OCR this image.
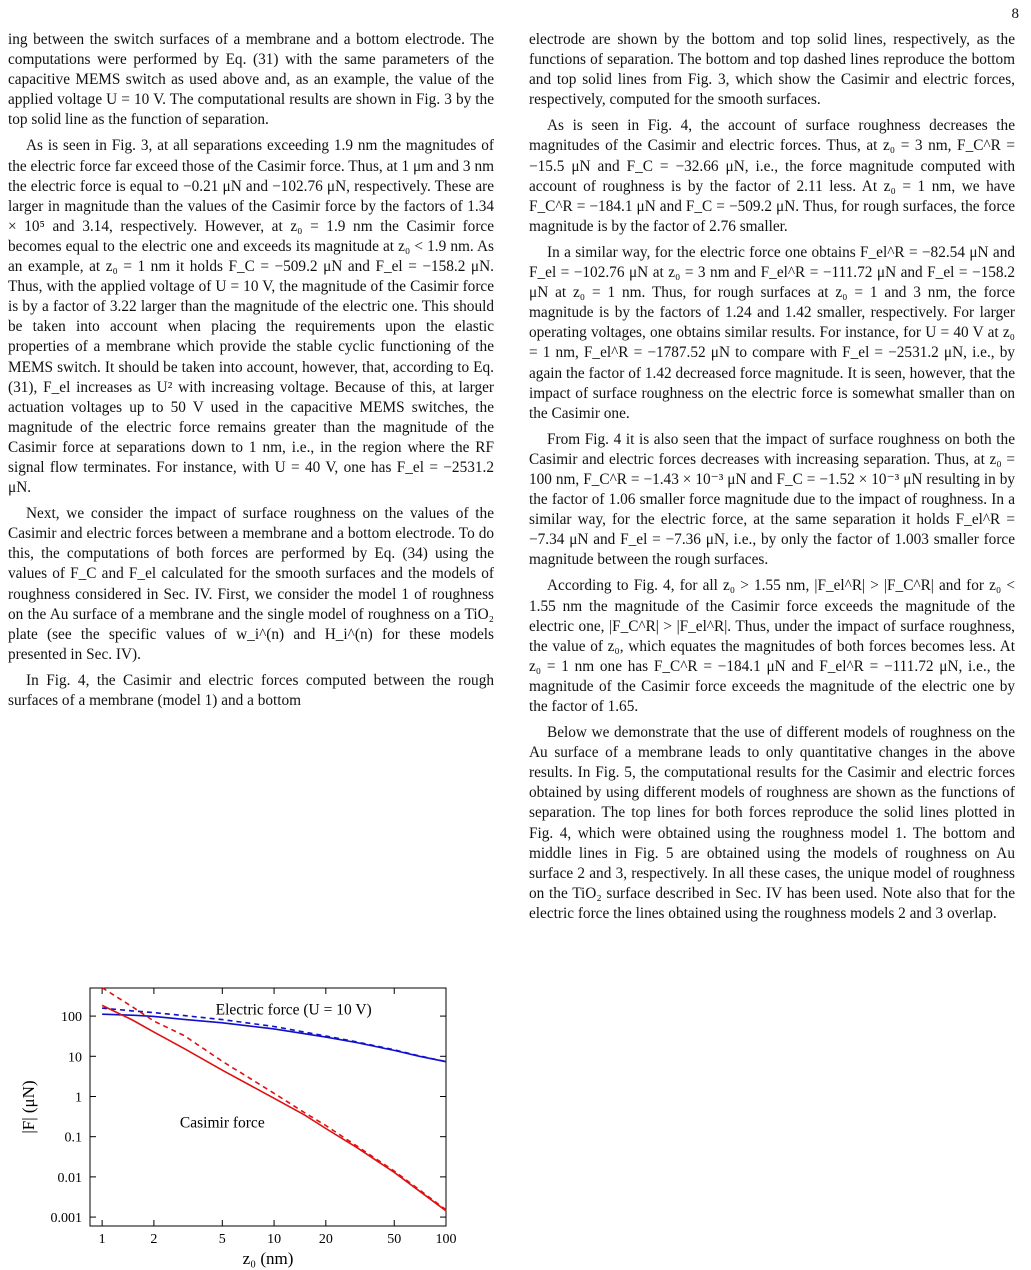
8

ing between the switch surfaces of a membrane and a bottom electrode. The computations were performed by Eq. (31) with the same parameters of the capacitive MEMS switch as used above and, as an example, the value of the applied voltage U = 10 V. The computational results are shown in Fig. 3 by the top solid line as the function of separation.

As is seen in Fig. 3, at all separations exceeding 1.9 nm the magnitudes of the electric force far exceed those of the Casimir force. Thus, at 1 μm and 3 nm the electric force is equal to −0.21 μN and −102.76 μN, respectively. These are larger in magnitude than the values of the Casimir force by the factors of 1.34 × 10⁵ and 3.14, respectively. However, at z₀ = 1.9 nm the Casimir force becomes equal to the electric one and exceeds its magnitude at z₀ < 1.9 nm. As an example, at z₀ = 1 nm it holds F_C = −509.2 μN and F_el = −158.2 μN. Thus, with the applied voltage of U = 10 V, the magnitude of the Casimir force is by a factor of 3.22 larger than the magnitude of the electric one. This should be taken into account when placing the requirements upon the elastic properties of a membrane which provide the stable cyclic functioning of the MEMS switch. It should be taken into account, however, that, according to Eq. (31), F_el increases as U² with increasing voltage. Because of this, at larger actuation voltages up to 50 V used in the capacitive MEMS switches, the magnitude of the electric force remains greater than the magnitude of the Casimir force at separations down to 1 nm, i.e., in the region where the RF signal flow terminates. For instance, with U = 40 V, one has F_el = −2531.2 μN.

Next, we consider the impact of surface roughness on the values of the Casimir and electric forces between a membrane and a bottom electrode. To do this, the computations of both forces are performed by Eq. (34) using the values of F_C and F_el calculated for the smooth surfaces and the models of roughness considered in Sec. IV. First, we consider the model 1 of roughness on the Au surface of a membrane and the single model of roughness on a TiO₂ plate (see the specific values of w_i^(n) and H_i^(n) for these models presented in Sec. IV).

In Fig. 4, the Casimir and electric forces computed between the rough surfaces of a membrane (model 1) and a bottom

electrode are shown by the bottom and top solid lines, respectively, as the functions of separation. The bottom and top dashed lines reproduce the bottom and top solid lines from Fig. 3, which show the Casimir and electric forces, respectively, computed for the smooth surfaces.

As is seen in Fig. 4, the account of surface roughness decreases the magnitudes of the Casimir and electric forces. Thus, at z₀ = 3 nm, F_C^R = −15.5 μN and F_C = −32.66 μN, i.e., the force magnitude computed with account of roughness is by the factor of 2.11 less. At z₀ = 1 nm, we have F_C^R = −184.1 μN and F_C = −509.2 μN. Thus, for rough surfaces, the force magnitude is by the factor of 2.76 smaller.

In a similar way, for the electric force one obtains F_el^R = −82.54 μN and F_el = −102.76 μN at z₀ = 3 nm and F_el^R = −111.72 μN and F_el = −158.2 μN at z₀ = 1 nm. Thus, for rough surfaces at z₀ = 1 and 3 nm, the force magnitude is by the factors of 1.24 and 1.42 smaller, respectively. For larger operating voltages, one obtains similar results. For instance, for U = 40 V at z₀ = 1 nm, F_el^R = −1787.52 μN to compare with F_el = −2531.2 μN, i.e., by again the factor of 1.42 decreased force magnitude. It is seen, however, that the impact of surface roughness on the electric force is somewhat smaller than on the Casimir one.

From Fig. 4 it is also seen that the impact of surface roughness on both the Casimir and electric forces decreases with increasing separation. Thus, at z₀ = 100 nm, F_C^R = −1.43 × 10⁻³ μN and F_C = −1.52 × 10⁻³ μN resulting in by the factor of 1.06 smaller force magnitude due to the impact of roughness. In a similar way, for the electric force, at the same separation it holds F_el^R = −7.34 μN and F_el = −7.36 μN, i.e., by only the factor of 1.003 smaller force magnitude between the rough surfaces.

According to Fig. 4, for all z₀ > 1.55 nm, |F_el^R| > |F_C^R| and for z₀ < 1.55 nm the magnitude of the Casimir force exceeds the magnitude of the electric one, |F_C^R| > |F_el^R|. Thus, under the impact of surface roughness, the value of z₀, which equates the magnitudes of both forces becomes less. At z₀ = 1 nm one has F_C^R = −184.1 μN and F_el^R = −111.72 μN, i.e., the magnitude of the Casimir force exceeds the magnitude of the electric one by the factor of 1.65.

Below we demonstrate that the use of different models of roughness on the Au surface of a membrane leads to only quantitative changes in the above results. In Fig. 5, the computational results for the Casimir and electric forces obtained by using different models of roughness are shown as the functions of separation. The top lines for both forces reproduce the solid lines plotted in Fig. 4, which were obtained using the roughness model 1. The bottom and middle lines in Fig. 5 are obtained using the models of roughness on Au surface 2 and 3, respectively. In all these cases, the unique model of roughness on the TiO₂ surface described in Sec. IV has been used. Note also that for the electric force the lines obtained using the roughness models 2 and 3 overlap.

1	2	5	10	20	50 100
0.001
0.01
0.1
1
10
100	Electric force (U = 10 V)
Casimir force
z₀ (nm)
|F| (μN)
